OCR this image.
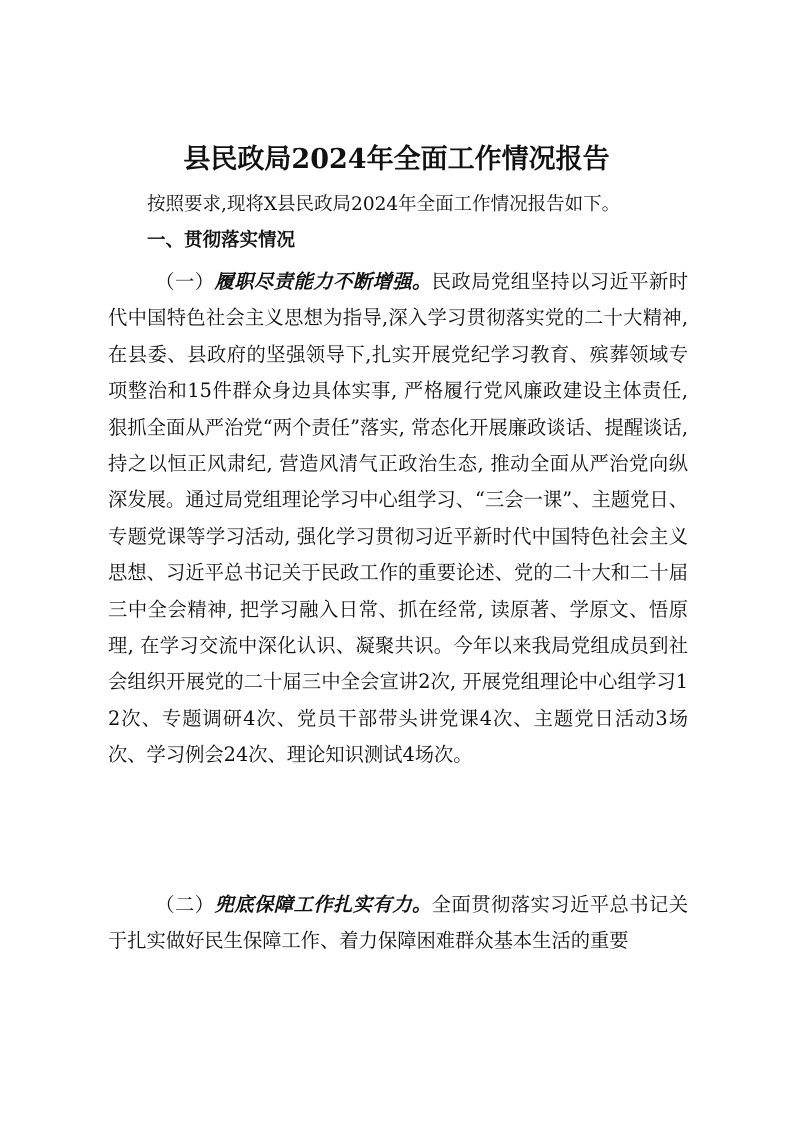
县民政局2024年全面工作情况报告
按照要求,现将X县民政局2024年全面工作情况报告如下。
一、贯彻落实情况
（一）履职尽责能力不断增强。民政局党组坚持以习近平新时代中国特色社会主义思想为指导,深入学习贯彻落实党的二十大精神,在县委、县政府的坚强领导下,扎实开展党纪学习教育、殡葬领域专项整治和15件群众身边具体实事, 严格履行党风廉政建设主体责任, 狠抓全面从严治党“两个责任”落实, 常态化开展廉政谈话、提醒谈话, 持之以恒正风肃纪, 营造风清气正政治生态, 推动全面从严治党向纵深发展。通过局党组理论学习中心组学习、“三会一课”、主题党日、专题党课等学习活动, 强化学习贯彻习近平新时代中国特色社会主义思想、习近平总书记关于民政工作的重要论述、党的二十大和二十届三中全会精神, 把学习融入日常、抓在经常, 读原著、学原文、悟原理, 在学习交流中深化认识、凝聚共识。今年以来我局党组成员到社会组织开展党的二十届三中全会宣讲2次, 开展党组理论中心组学习12次、专题调研4次、党员干部带头讲党课4次、主题党日活动3场次、学习例会24次、理论知识测试4场次。
（二）兜底保障工作扎实有力。全面贯彻落实习近平总书记关于扎实做好民生保障工作、着力保障困难群众基本生活的重要
